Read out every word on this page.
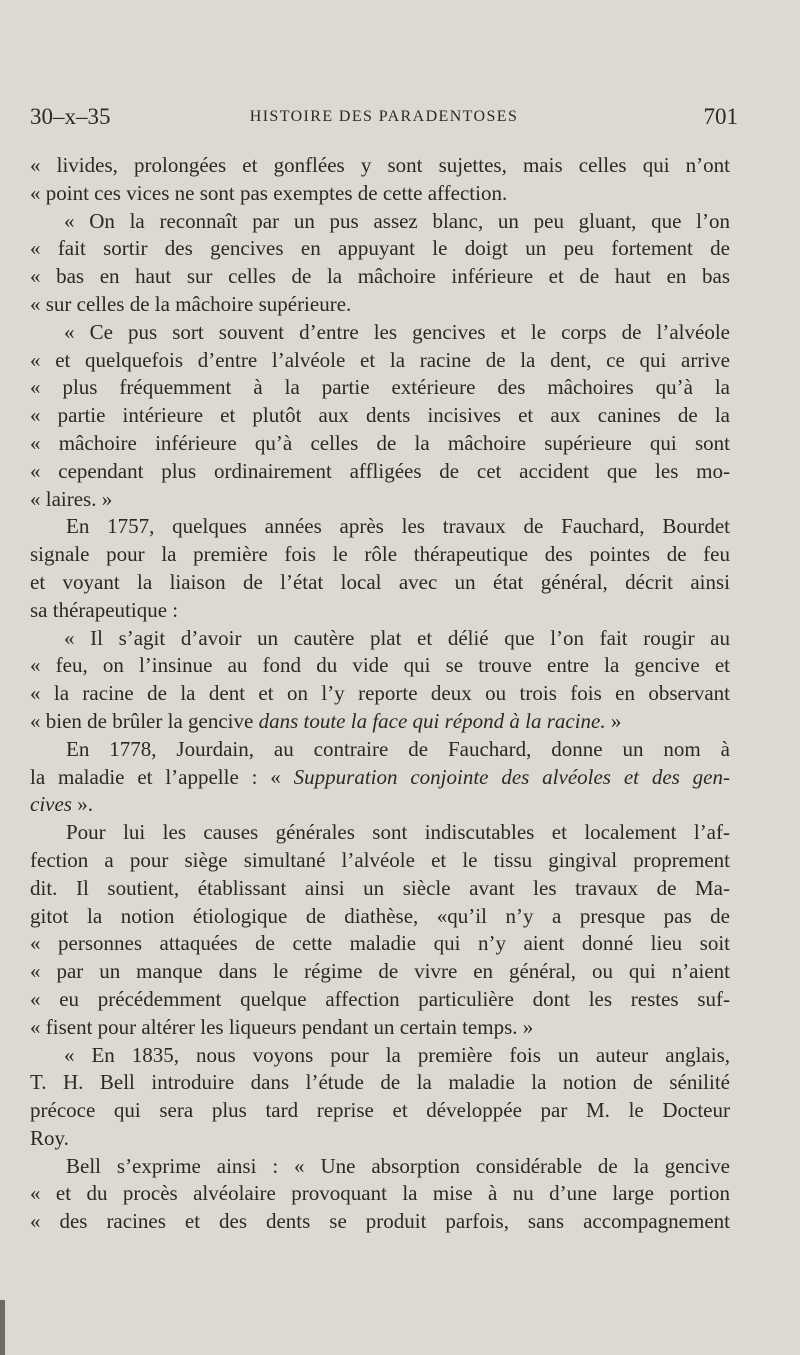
30–x–35	HISTOIRE DES PARADENTOSES	701
« livides, prolongées et gonflées y sont sujettes, mais celles qui n’ont
« point ces vices ne sont pas exemptes de cette affection.
« On la reconnaît par un pus assez blanc, un peu gluant, que l’on
« fait sortir des gencives en appuyant le doigt un peu fortement de
« bas en haut sur celles de la mâchoire inférieure et de haut en bas
« sur celles de la mâchoire supérieure.
« Ce pus sort souvent d’entre les gencives et le corps de l’alvéole
« et quelquefois d’entre l’alvéole et la racine de la dent, ce qui arrive
« plus fréquemment à la partie extérieure des mâchoires qu’à la
« partie intérieure et plutôt aux dents incisives et aux canines de la
« mâchoire inférieure qu’à celles de la mâchoire supérieure qui sont
« cependant plus ordinairement affligées de cet accident que les mo-
« laires. »
En 1757, quelques années après les travaux de Fauchard, Bourdet
signale pour la première fois le rôle thérapeutique des pointes de feu
et voyant la liaison de l’état local avec un état général, décrit ainsi
sa thérapeutique :
« Il s’agit d’avoir un cautère plat et délié que l’on fait rougir au
« feu, on l’insinue au fond du vide qui se trouve entre la gencive et
« la racine de la dent et on l’y reporte deux ou trois fois en observant
« bien de brûler la gencive dans toute la face qui répond à la racine. »
En 1778, Jourdain, au contraire de Fauchard, donne un nom à
la maladie et l’appelle : « Suppuration conjointe des alvéoles et des gen-
cives ».
Pour lui les causes générales sont indiscutables et localement l’af-
fection a pour siège simultané l’alvéole et le tissu gingival proprement
dit. Il soutient, établissant ainsi un siècle avant les travaux de Ma-
gitot la notion étiologique de diathèse, «qu’il n’y a presque pas de
« personnes attaquées de cette maladie qui n’y aient donné lieu soit
« par un manque dans le régime de vivre en général, ou qui n’aient
« eu précédemment quelque affection particulière dont les restes suf-
« fisent pour altérer les liqueurs pendant un certain temps. »
« En 1835, nous voyons pour la première fois un auteur anglais,
T. H. Bell introduire dans l’étude de la maladie la notion de sénilité
précoce qui sera plus tard reprise et développée par M. le Docteur
Roy.
Bell s’exprime ainsi : « Une absorption considérable de la gencive
« et du procès alvéolaire provoquant la mise à nu d’une large portion
« des racines et des dents se produit parfois, sans accompagnement
